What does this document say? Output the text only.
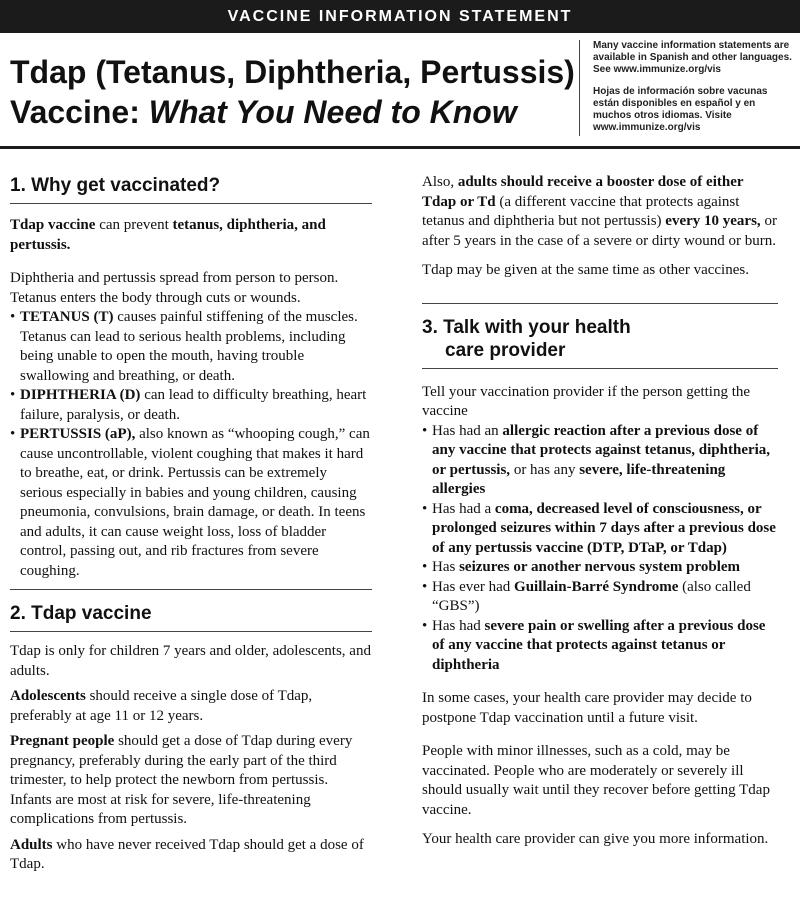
VACCINE INFORMATION STATEMENT
Tdap (Tetanus, Diphtheria, Pertussis)
Vaccine: What You Need to Know

Many vaccine information statements are available in Spanish and other languages. See www.immunize.org/vis

Hojas de información sobre vacunas están disponibles en español y en muchos otros idiomas. Visite www.immunize.org/vis

1. Why get vaccinated?

Tdap vaccine can prevent tetanus, diphtheria, and pertussis.

Diphtheria and pertussis spread from person to person. Tetanus enters the body through cuts or wounds.

• TETANUS (T) causes painful stiffening of the muscles. Tetanus can lead to serious health problems, including being unable to open the mouth, having trouble swallowing and breathing, or death.
• DIPHTHERIA (D) can lead to difficulty breathing, heart failure, paralysis, or death.
• PERTUSSIS (aP), also known as “whooping cough,” can cause uncontrollable, violent coughing that makes it hard to breathe, eat, or drink. Pertussis can be extremely serious especially in babies and young children, causing pneumonia, convulsions, brain damage, or death. In teens and adults, it can cause weight loss, loss of bladder control, passing out, and rib fractures from severe coughing.
2. Tdap vaccine

Tdap is only for children 7 years and older, adolescents, and adults.

Adolescents should receive a single dose of Tdap, preferably at age 11 or 12 years.

Pregnant people should get a dose of Tdap during every pregnancy, preferably during the early part of the third trimester, to help protect the newborn from pertussis. Infants are most at risk for severe, life-threatening complications from pertussis.

Adults who have never received Tdap should get a dose of Tdap.

Also, adults should receive a booster dose of either Tdap or Td (a different vaccine that protects against tetanus and diphtheria but not pertussis) every 10 years, or after 5 years in the case of a severe or dirty wound or burn.

Tdap may be given at the same time as other vaccines.

3. Talk with your health
care provider

Tell your vaccination provider if the person getting the vaccine

• Has had an allergic reaction after a previous dose of any vaccine that protects against tetanus, diphtheria, or pertussis, or has any severe, life-threatening allergies
• Has had a coma, decreased level of consciousness, or prolonged seizures within 7 days after a previous dose of any pertussis vaccine (DTP, DTaP, or Tdap)
• Has seizures or another nervous system problem
• Has ever had Guillain-Barré Syndrome (also called “GBS”)
• Has had severe pain or swelling after a previous dose of any vaccine that protects against tetanus or diphtheria

In some cases, your health care provider may decide to postpone Tdap vaccination until a future visit.

People with minor illnesses, such as a cold, may be vaccinated. People who are moderately or severely ill should usually wait until they recover before getting Tdap vaccine.

Your health care provider can give you more information.
